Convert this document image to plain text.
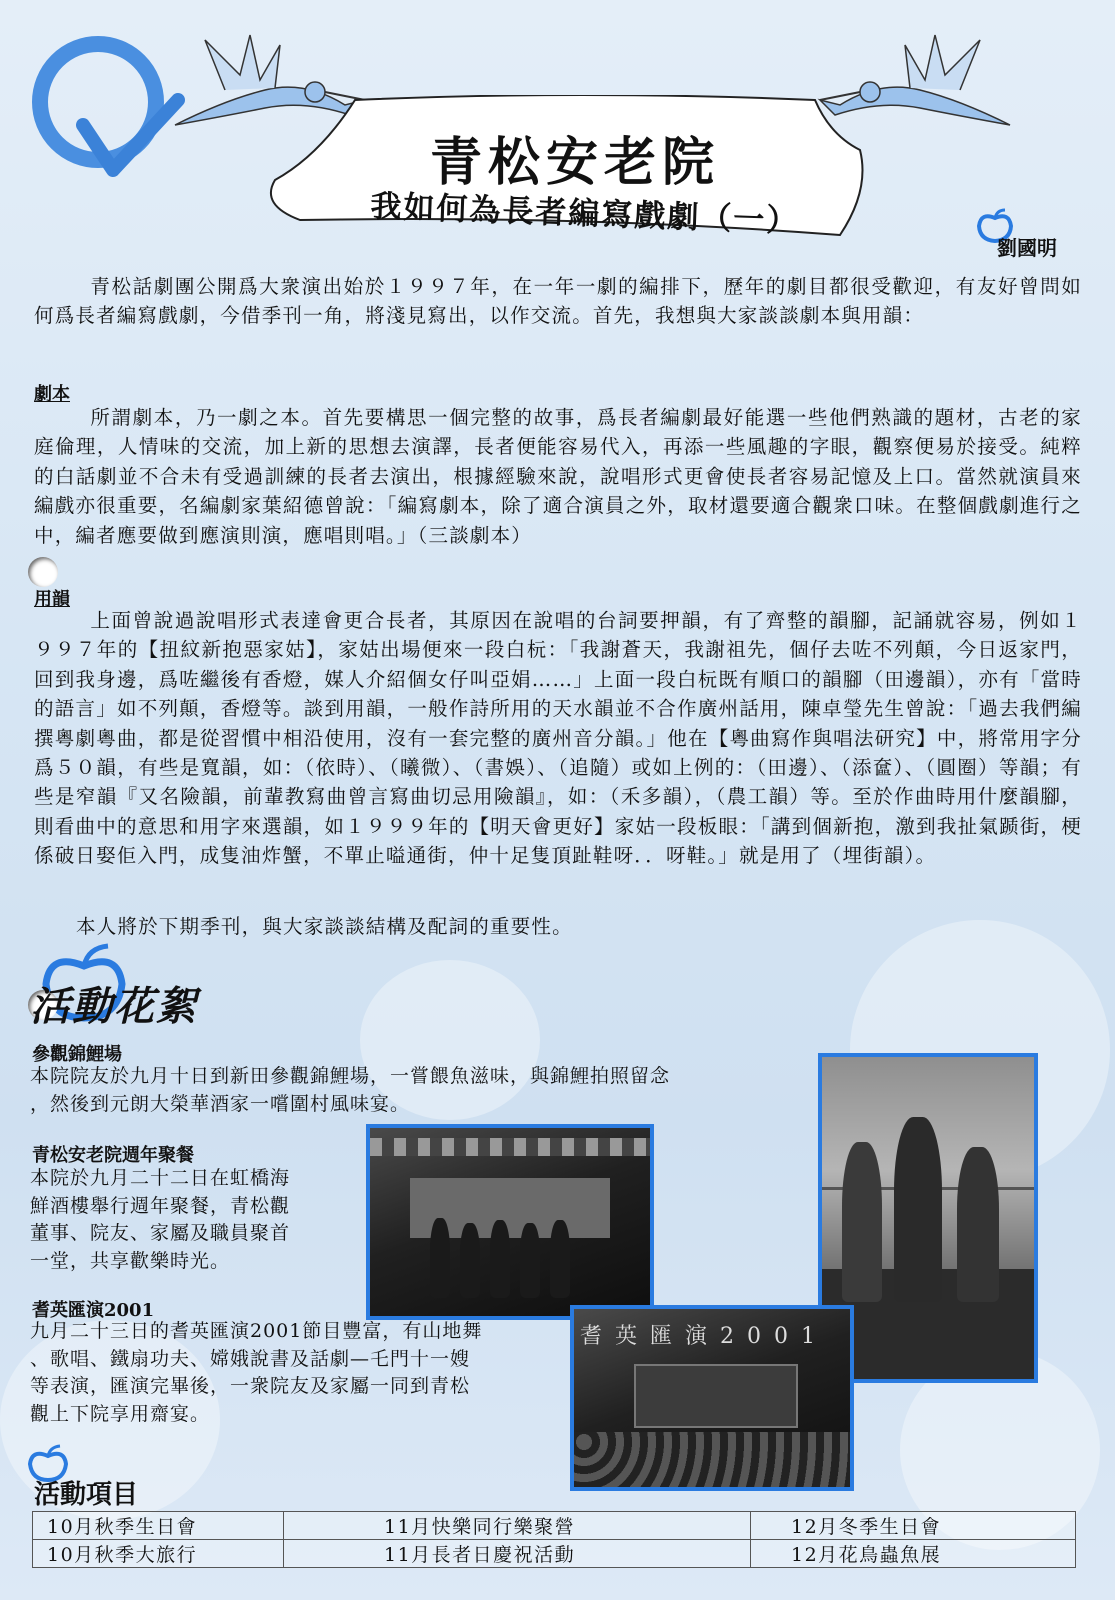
青松安老院
我如何為長者編寫戲劇（一）
劉國明
青松話劇團公開爲大衆演出始於１９９７年，在一年一劇的編排下，歷年的劇目都很受歡迎，有友好曾問如何爲長者編寫戲劇，今借季刊一角，將淺見寫出，以作交流。首先，我想與大家談談劇本與用韻：
劇本
所謂劇本，乃一劇之本。首先要構思一個完整的故事，爲長者編劇最好能選一些他們熟識的題材，古老的家庭倫理，人情味的交流，加上新的思想去演譯，長者便能容易代入，再添一些風趣的字眼，觀察便易於接受。純粹的白話劇並不合未有受過訓練的長者去演出，根據經驗來說，說唱形式更會使長者容易記憶及上口。當然就演員來編戲亦很重要，名編劇家葉紹德曾說：「編寫劇本，除了適合演員之外，取材還要適合觀衆口味。在整個戲劇進行之中，編者應要做到應演則演，應唱則唱。」（三談劇本）
用韻
上面曾說過說唱形式表達會更合長者，其原因在說唱的台詞要押韻，有了齊整的韻腳，記誦就容易，例如１９９７年的【扭紋新抱惡家姑】，家姑出場便來一段白杬：「我謝蒼天，我謝祖先，個仔去咗不列顛，今日返家門，回到我身邊，爲咗繼後有香燈，媒人介紹個女仔叫亞娟……」上面一段白杬既有順口的韻腳（田邊韻），亦有「當時的語言」如不列顛，香燈等。談到用韻，一般作詩所用的天水韻並不合作廣州話用，陳卓瑩先生曾說：「過去我們編撰粵劇粵曲，都是從習慣中相沿使用，沒有一套完整的廣州音分韻。」他在【粵曲寫作與唱法研究】中，將常用字分爲５０韻，有些是寬韻，如：（依時）、（曦微）、（書娛）、（追隨）或如上例的：（田邊）、（添奩）、（圓圈）等韻；有些是窄韻『又名險韻，前輩教寫曲曾言寫曲切忌用險韻』，如：（禾多韻），（農工韻）等。至於作曲時用什麼韻腳，則看曲中的意思和用字來選韻，如１９９９年的【明天會更好】家姑一段板眼：「講到個新抱，激到我扯氣踬街，梗係破日娶佢入門，成隻油炸蟹，不單止嗌通街，仲十足隻頂趾鞋呀．．呀鞋。」就是用了（埋街韻）。
本人將於下期季刊，與大家談談結構及配詞的重要性。
活動花絮
參觀錦鯉場
本院院友於九月十日到新田參觀錦鯉場，一嘗餵魚滋味，與錦鯉拍照留念
，然後到元朗大榮華酒家一嚐圍村風味宴。
青松安老院週年聚餐
本院於九月二十二日在虹橋海
鮮酒樓舉行週年聚餐，青松觀
董事、院友、家屬及職員聚首
一堂，共享歡樂時光。
耆英匯演2001
九月二十三日的耆英匯演2001節目豐富，有山地舞
、歌唱、鐵扇功夫、嫦娥說書及話劇—乇門十一嫂
等表演，匯演完畢後，一衆院友及家屬一同到青松
觀上下院享用齋宴。
耆 英 匯 演 2 0 0 1
活動項目
10月秋季生日會	11月快樂同行樂聚營	12月冬季生日會
10月秋季大旅行	11月長者日慶祝活動	12月花鳥蟲魚展
